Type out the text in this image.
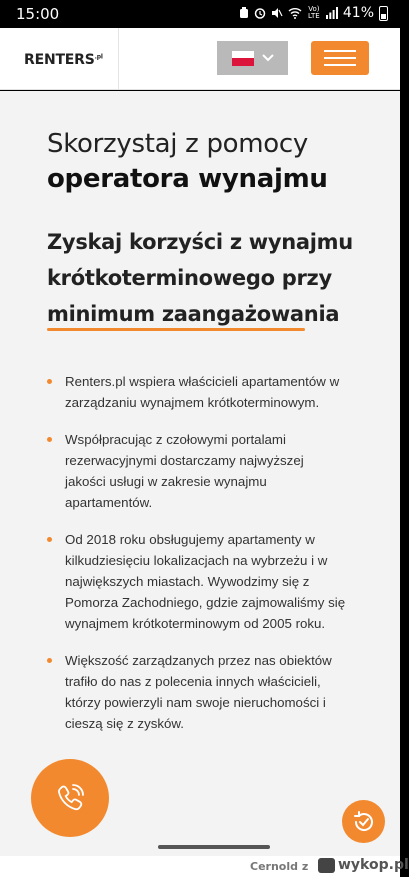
15:00	Vo) LTE 41%
$RENTERS^{.pl}$
Skorzystaj z pomocy
operatora wynajmu
Zyskaj korzyści z wynajmu
krótkoterminowego przy
minimum zaangażowania
Renters.pl wspiera właścicieli apartamentów w zarządzaniu wynajmem krótkoterminowym.
Współpracując z czołowymi portalami rezerwacyjnymi dostarczamy najwyższej jakości usługi w zakresie wynajmu apartamentów.
Od 2018 roku obsługujemy apartamenty w kilkudziesięciu lokalizacjach na wybrzeżu i w największych miastach. Wywodzimy się z Pomorza Zachodniego, gdzie zajmowaliśmy się wynajmem krótkoterminowym od 2005 roku.
Większość zarządzanych przez nas obiektów trafiło do nas z polecenia innych właścicieli, którzy powierzyli nam swoje nieruchomości i cieszą się z zysków.
Cernold z wykop.pl
